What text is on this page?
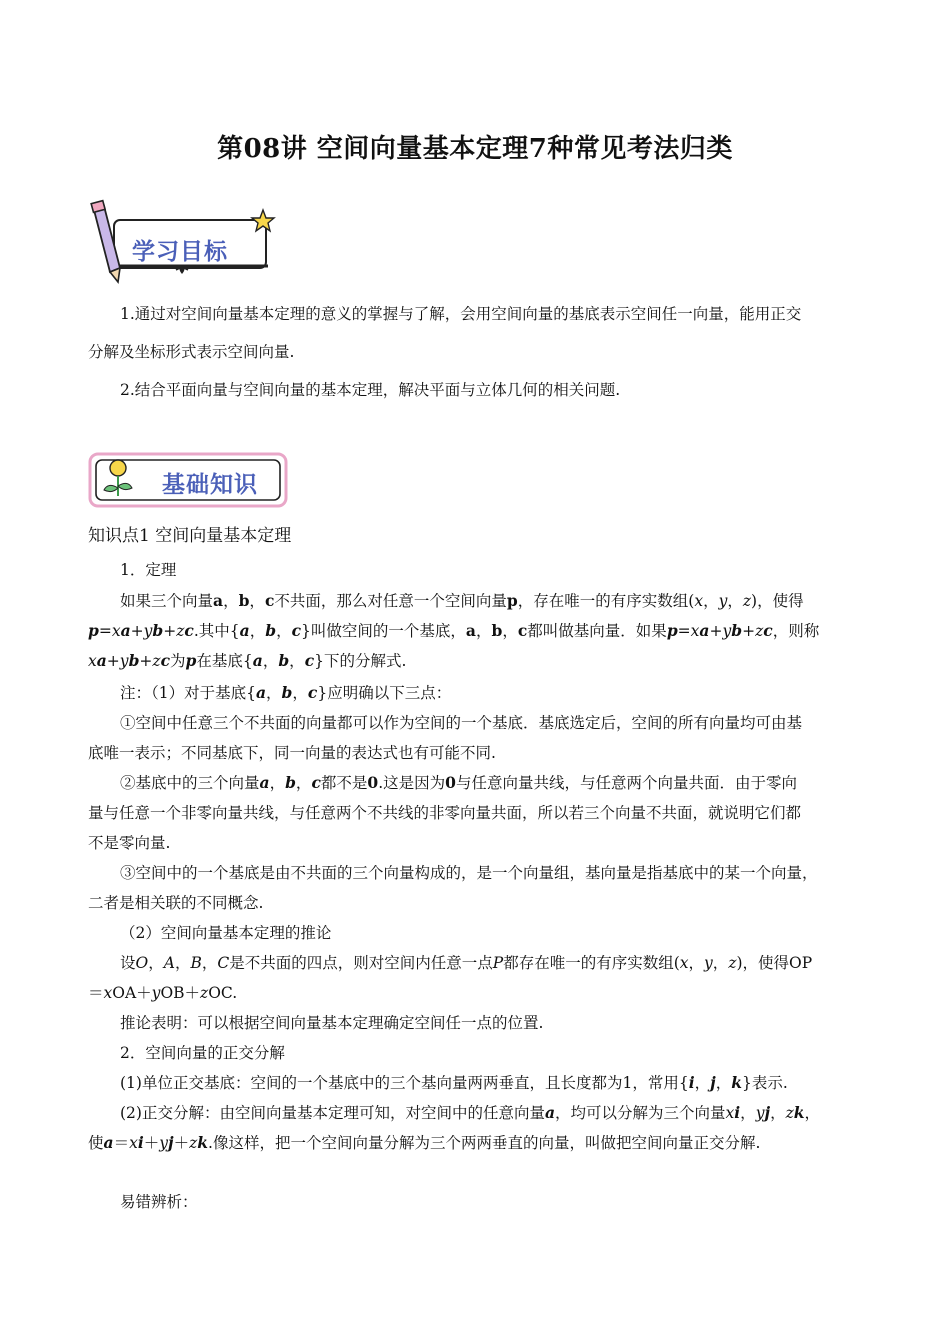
第08讲 空间向量基本定理7种常见考法归类
学习目标
1.通过对空间向量基本定理的意义的掌握与了解，会用空间向量的基底表示空间任一向量，能用正交
分解及坐标形式表示空间向量.
2.结合平面向量与空间向量的基本定理，解决平面与立体几何的相关问题.
基础知识
知识点1 空间向量基本定理
1．定理
如果三个向量a，b，c不共面，那么对任意一个空间向量p，存在唯一的有序实数组(x，y，z)，使得
p=xa+yb+zc.其中{a，b，c}叫做空间的一个基底，a，b，c都叫做基向量．如果p=xa+yb+zc，则称
xa+yb+zc为p在基底{a，b，c}下的分解式.
注：（1）对于基底{a，b，c}应明确以下三点：
①空间中任意三个不共面的向量都可以作为空间的一个基底．基底选定后，空间的所有向量均可由基
底唯一表示；不同基底下，同一向量的表达式也有可能不同.
②基底中的三个向量a，b，c都不是0.这是因为0与任意向量共线，与任意两个向量共面．由于零向
量与任意一个非零向量共线，与任意两个不共线的非零向量共面，所以若三个向量不共面，就说明它们都
不是零向量.
③空间中的一个基底是由不共面的三个向量构成的，是一个向量组，基向量是指基底中的某一个向量，
二者是相关联的不同概念.
（2）空间向量基本定理的推论
设O，A，B，C是不共面的四点，则对空间内任意一点P都存在唯一的有序实数组(x，y，z)，使得OP
＝xOA＋yOB＋zOC.
推论表明：可以根据空间向量基本定理确定空间任一点的位置.
2．空间向量的正交分解
(1)单位正交基底：空间的一个基底中的三个基向量两两垂直，且长度都为1，常用{i，j，k}表示.
(2)正交分解：由空间向量基本定理可知，对空间中的任意向量a，均可以分解为三个向量xi，yj，zk，
使a＝xi＋yj＋zk.像这样，把一个空间向量分解为三个两两垂直的向量，叫做把空间向量正交分解.
易错辨析：
